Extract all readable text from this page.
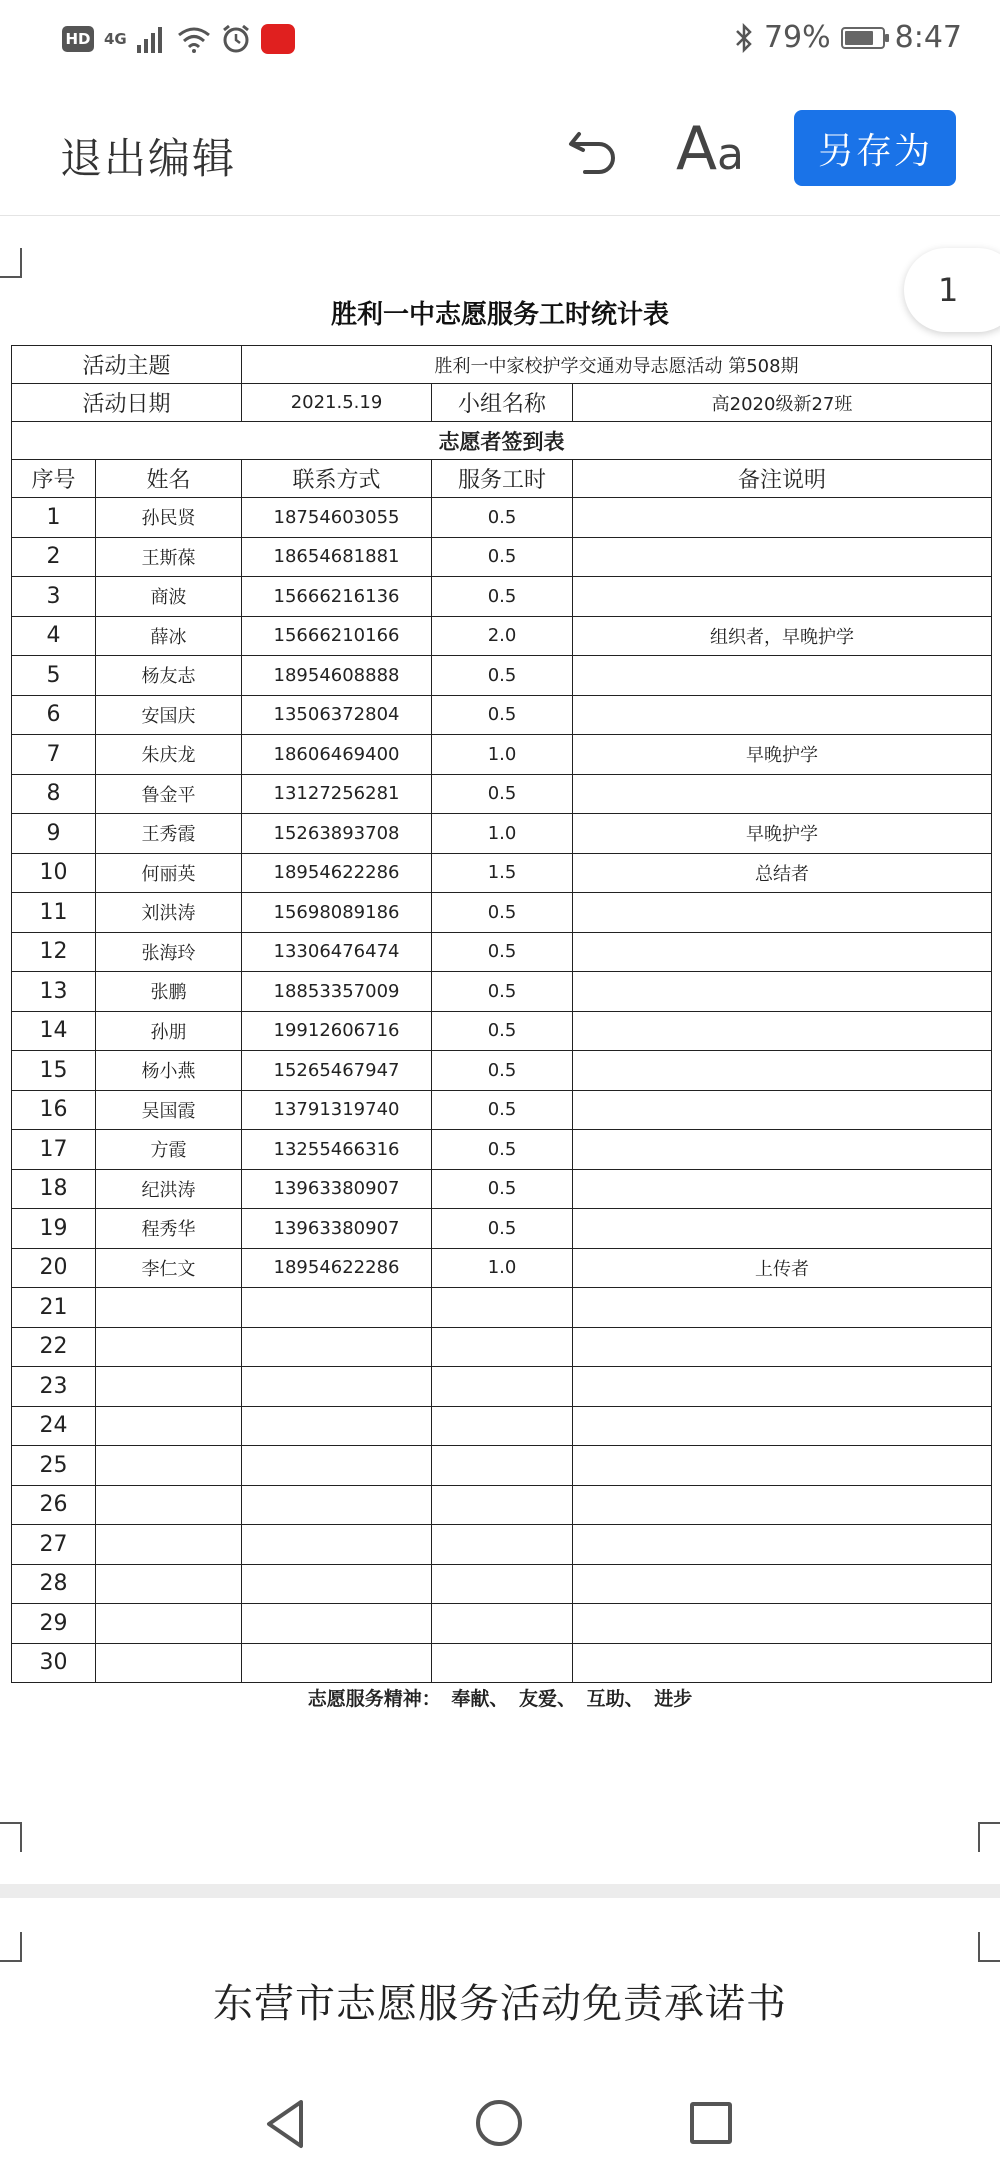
HD 4G	79% 8:47
退出编辑	Aa	另存为
1
胜利一中志愿服务工时统计表
活动主题		胜利一中家校护学交通劝导志愿活动 第508期		
活动日期		2021.5.19	小组名称	高2020级新27班
志愿者签到表				
序号	姓名	联系方式	服务工时	备注说明
1	孙民贤	18754603055	0.5	
2	王斯葆	18654681881	0.5	
3	商波	15666216136	0.5	
4	薛冰	15666210166	2.0	组织者，早晚护学
5	杨友志	18954608888	0.5	
6	安国庆	13506372804	0.5	
7	朱庆龙	18606469400	1.0	早晚护学
8	鲁金平	13127256281	0.5	
9	王秀霞	15263893708	1.0	早晚护学
10	何丽英	18954622286	1.5	总结者
11	刘洪涛	15698089186	0.5	
12	张海玲	13306476474	0.5	
13	张鹏	18853357009	0.5	
14	孙朋	19912606716	0.5	
15	杨小燕	15265467947	0.5	
16	吴国霞	13791319740	0.5	
17	方霞	13255466316	0.5	
18	纪洪涛	13963380907	0.5	
19	程秀华	13963380907	0.5	
20	李仁文	18954622286	1.0	上传者
21				
22				
23				
24				
25				
26				
27				
28				
29				
30				
志愿服务精神： 奉献、 友爱、 互助、 进步
东营市志愿服务活动免责承诺书
